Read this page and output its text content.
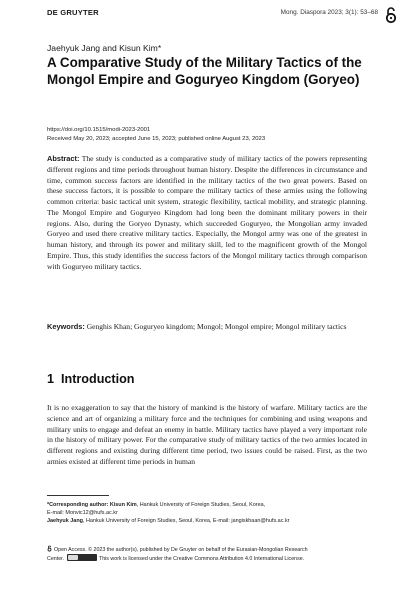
DE GRUYTER	Mong. Diaspora 2023; 3(1): 53–68
Jaehyuk Jang and Kisun Kim*
A Comparative Study of the Military Tactics of the Mongol Empire and Goguryeo Kingdom (Goryeo)
https://doi.org/10.1515/modi-2023-2001
Received May 20, 2023; accepted June 15, 2023; published online August 23, 2023
Abstract: The study is conducted as a comparative study of military tactics of the powers representing different regions and time periods throughout human history. Despite the differences in circumstance and time, common success factors are identified in the military tactics of the two great powers. Based on these success factors, it is possible to compare the military tactics of these armies using the following common criteria: basic tactical unit system, strategic flexibility, tactical mobility, and strategic planning. The Mongol Empire and Goguryeo Kingdom had long been the dominant military powers in their regions. Also, during the Goryeo Dynasty, which succeeded Goguryeo, the Mongolian army invaded Goryeo and used there creative military tactics. Especially, the Mongol army was one of the greatest in human history, and through its power and military skill, led to the magnificent growth of the Mongol Empire. Thus, this study identifies the success factors of the Mongol military tactics through comparison with Goguryeo military tactics.
Keywords: Genghis Khan; Goguryeo kingdom; Mongol; Mongol empire; Mongol military tactics
1 Introduction
It is no exaggeration to say that the history of mankind is the history of warfare. Military tactics are the science and art of organizing a military force and the techniques for combining and using weapons and military units to engage and defeat an enemy in battle. Military tactics have played a very important role in the history of military power. For the comparative study of military tactics of the two armies located in different regions and existing during different time period, two issues could be raised. First, as the two armies existed at different time periods in human
*Corresponding author: Kisun Kim, Hankuk University of Foreign Studies, Seoul, Korea,
E-mail: Monvic12@hufs.ac.kr
Jaehyuk Jang, Hankuk University of Foreign Studies, Seoul, Korea, E-mail: jangiskhaan@hufs.ac.kr
Open Access. © 2023 the author(s), published by De Gruyter on behalf of the Eurasian-Mongolian Research
Center.	This work is licensed under the Creative Commons Attribution 4.0 International License.
